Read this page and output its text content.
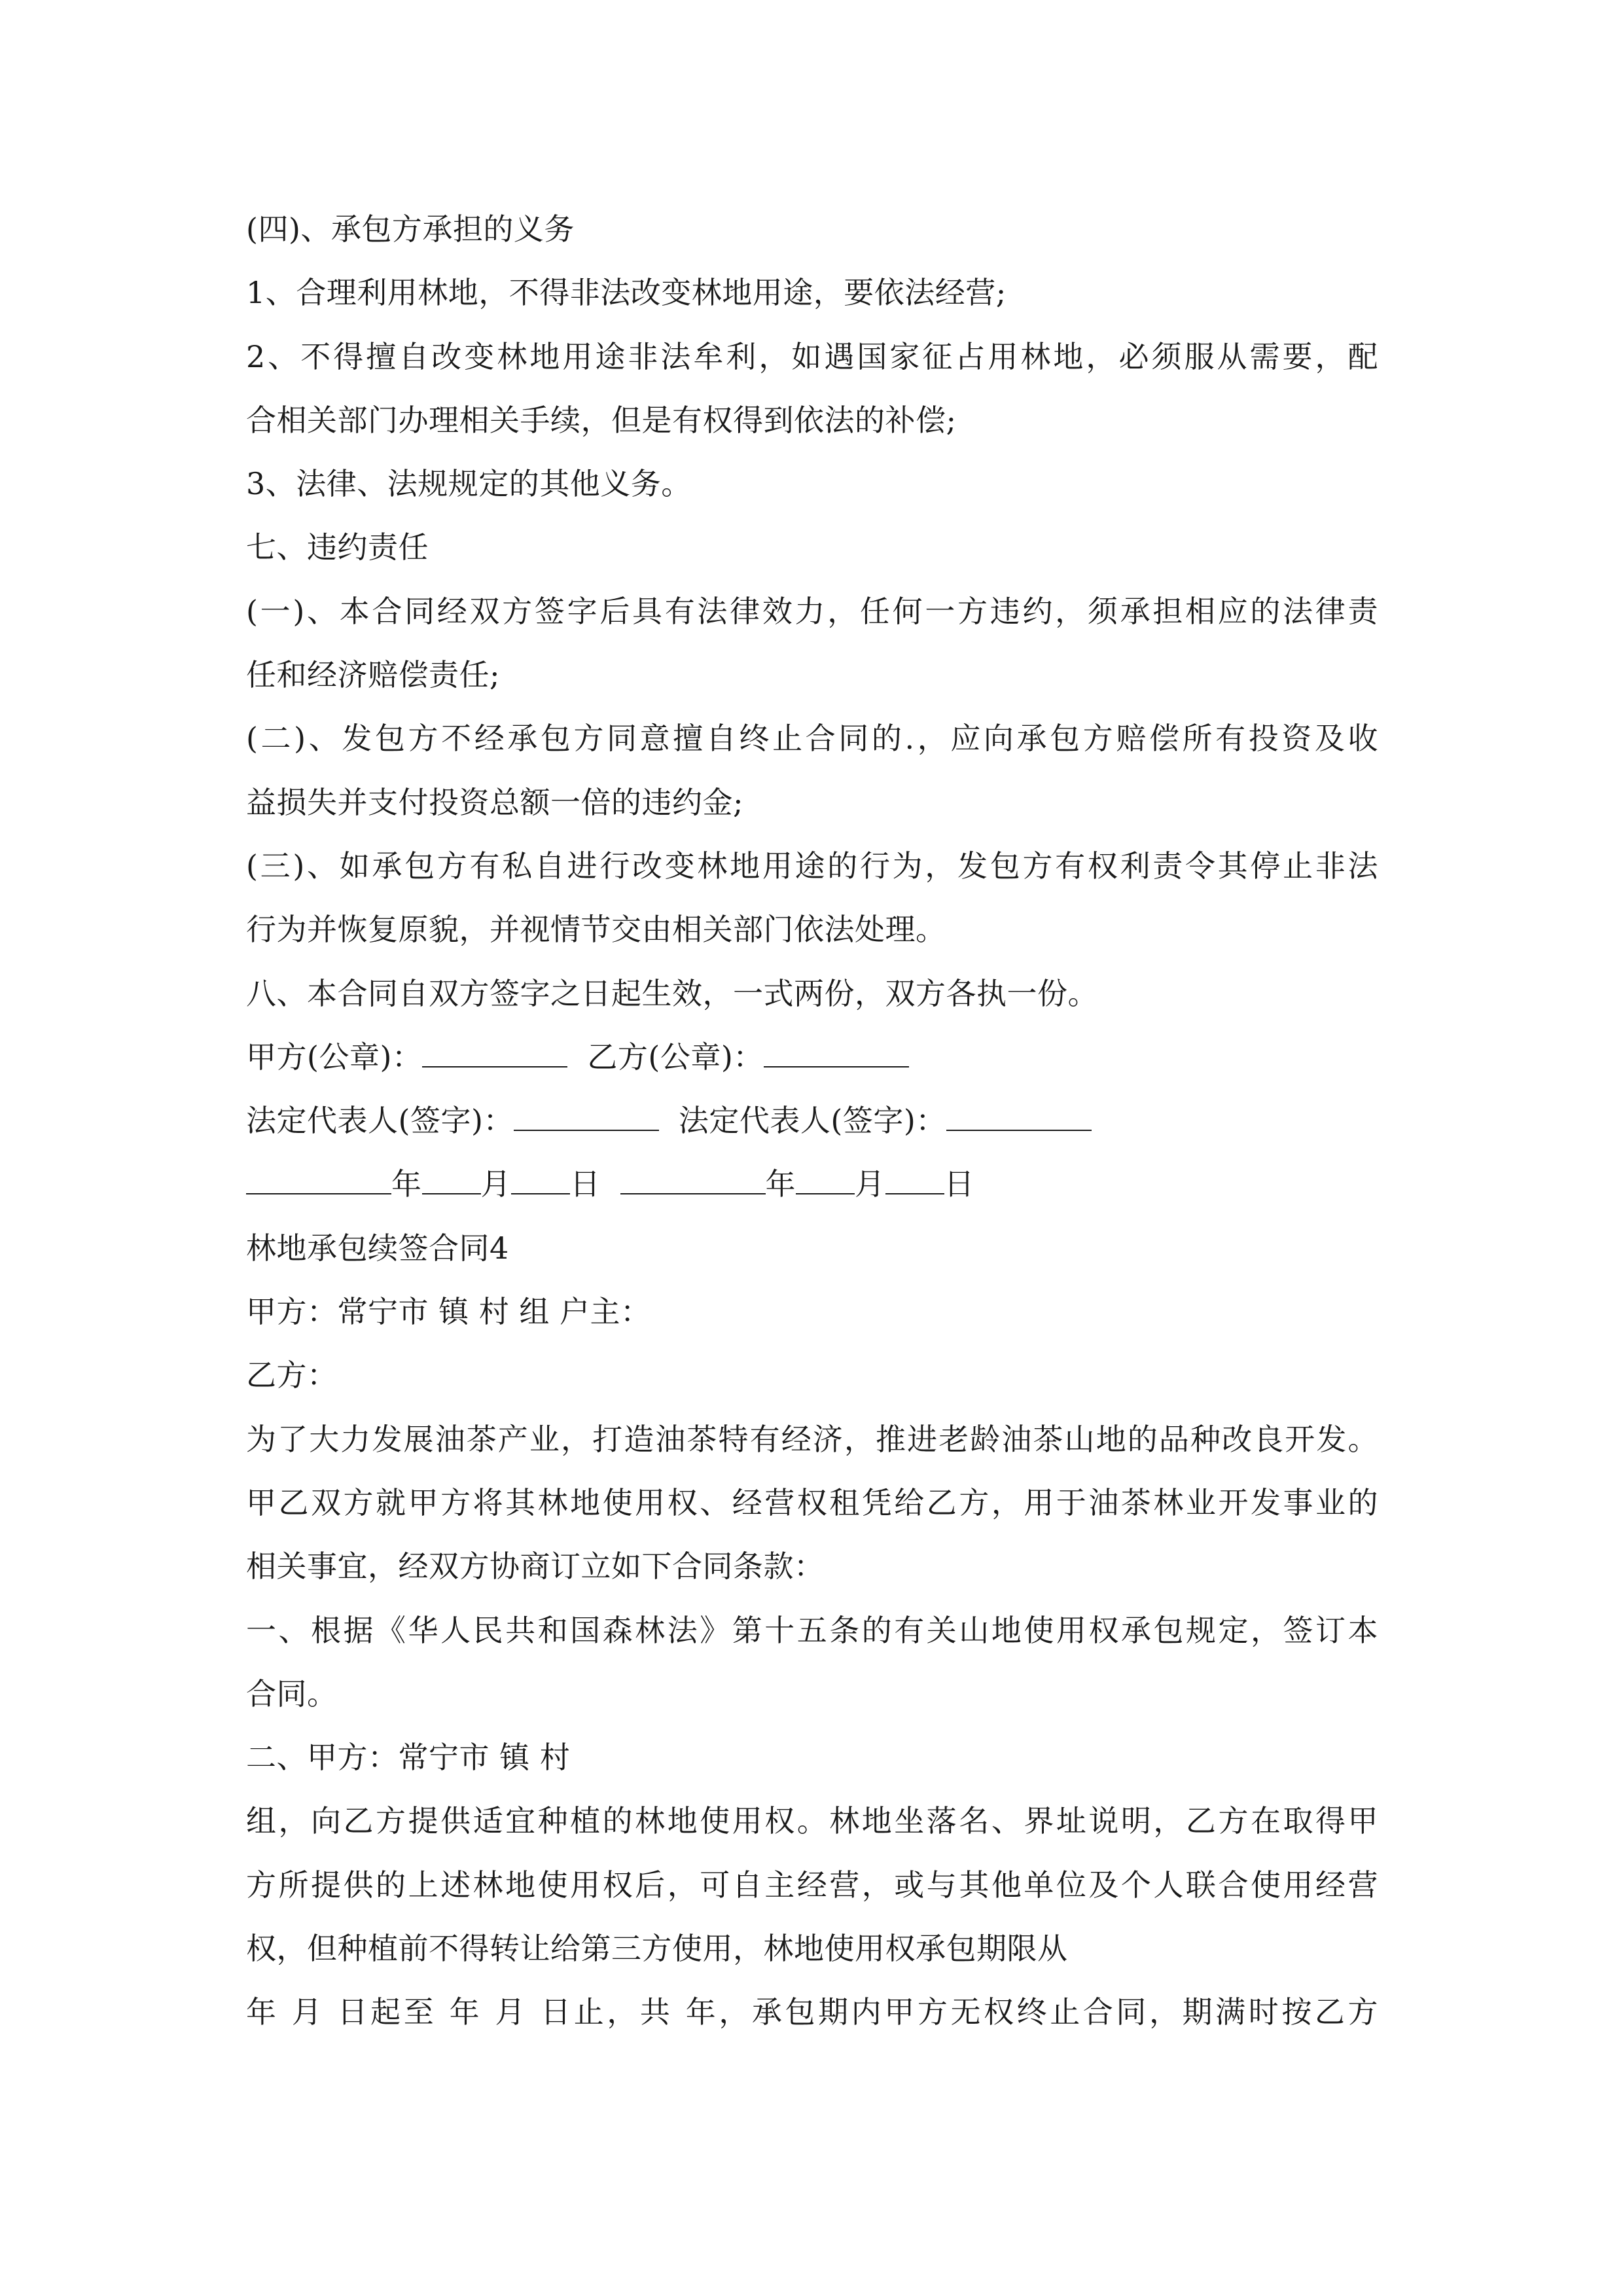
(四)、承包方承担的义务
1、合理利用林地，不得非法改变林地用途，要依法经营;
2、不得擅自改变林地用途非法牟利，如遇国家征占用林地，必须服从需要，配
合相关部门办理相关手续，但是有权得到依法的补偿;
3、法律、法规规定的其他义务。
七、违约责任
(一)、本合同经双方签字后具有法律效力，任何一方违约，须承担相应的法律责
任和经济赔偿责任;
(二)、发包方不经承包方同意擅自终止合同的.，应向承包方赔偿所有投资及收
益损失并支付投资总额一倍的违约金;
(三)、如承包方有私自进行改变林地用途的行为，发包方有权利责令其停止非法
行为并恢复原貌，并视情节交由相关部门依法处理。
八、本合同自双方签字之日起生效，一式两份，双方各执一份。
甲方(公章)：	乙方(公章)：
法定代表人(签字)：	法定代表人(签字)：
年 月 日	年 月 日
林地承包续签合同4
甲方：常宁市 镇 村 组 户主：
乙方：
为了大力发展油茶产业，打造油茶特有经济，推进老龄油茶山地的品种改良开发。
甲乙双方就甲方将其林地使用权、经营权租凭给乙方，用于油茶林业开发事业的
相关事宜，经双方协商订立如下合同条款：
一、根据《华人民共和国森林法》第十五条的有关山地使用权承包规定，签订本
合同。
二、甲方：常宁市 镇 村
组，向乙方提供适宜种植的林地使用权。林地坐落名、界址说明，乙方在取得甲
方所提供的上述林地使用权后，可自主经营，或与其他单位及个人联合使用经营
权，但种植前不得转让给第三方使用，林地使用权承包期限从
年 月 日起至 年 月 日止，共 年，承包期内甲方无权终止合同，期满时按乙方
